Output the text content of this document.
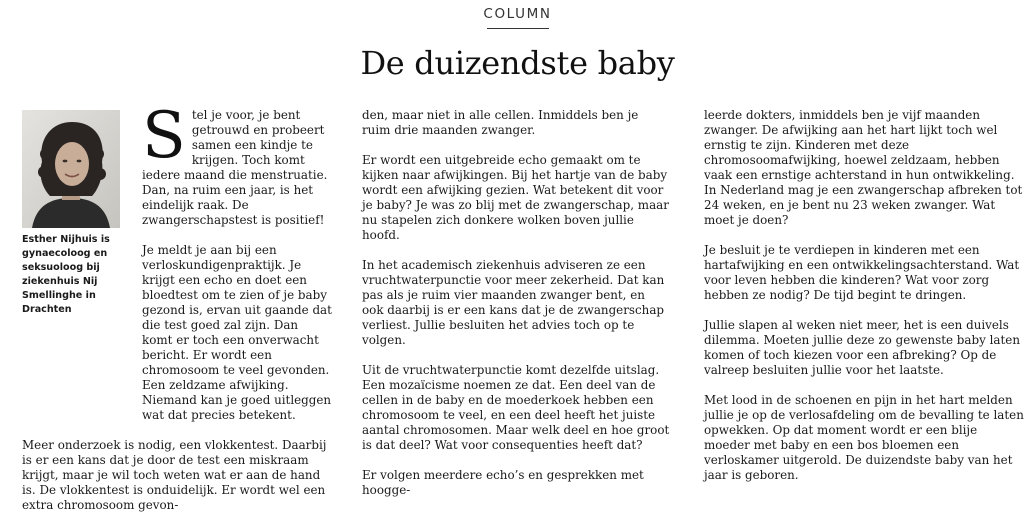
COLUMN
De duizendste baby
Esther Nijhuis is gynaecoloog en seksuoloog bij ziekenhuis Nij Smellinghe in Drachten

S tel je voor, je bent getrouwd en probeert samen een kindje te krijgen. Toch komt iedere maand die menstruatie. Dan, na ruim een jaar, is het eindelijk raak. De zwangerschapstest is positief!

Je meldt je aan bij een verloskundigenpraktijk. Je krijgt een echo en doet een bloedtest om te zien of je baby gezond is, ervan uit gaande dat die test goed zal zijn. Dan komt er toch een onverwacht bericht. Er wordt een chromosoom te veel gevonden. Een zeldzame afwijking. Niemand kan je goed uitleggen wat dat precies betekent.

Meer onderzoek is nodig, een vlokkentest. Daarbij is er een kans dat je door de test een miskraam krijgt, maar je wil toch weten wat er aan de hand is. De vlokkentest is onduidelijk. Er wordt wel een extra chromosoom gevon-

den, maar niet in alle cellen. Inmiddels ben je ruim drie maanden zwanger.

Er wordt een uitgebreide echo gemaakt om te kijken naar afwijkingen. Bij het hartje van de baby wordt een afwijking gezien. Wat betekent dit voor je baby? Je was zo blij met de zwangerschap, maar nu stapelen zich donkere wolken boven jullie hoofd.

In het academisch ziekenhuis adviseren ze een vruchtwaterpunctie voor meer zekerheid. Dat kan pas als je ruim vier maanden zwanger bent, en ook daarbij is er een kans dat je de zwangerschap verliest. Jullie besluiten het advies toch op te volgen.

Uit de vruchtwaterpunctie komt dezelfde uitslag. Een mozaïcisme noemen ze dat. Een deel van de cellen in de baby en de moederkoek hebben een chromosoom te veel, en een deel heeft het juiste aantal chromosomen. Maar welk deel en hoe groot is dat deel? Wat voor consequenties heeft dat?

Er volgen meerdere echo’s en gesprekken met hoogge-

leerde dokters, inmiddels ben je vijf maanden zwanger. De afwijking aan het hart lijkt toch wel ernstig te zijn. Kinderen met deze chromosoomafwijking, hoewel zeldzaam, hebben vaak een ernstige achterstand in hun ontwikkeling. In Nederland mag je een zwangerschap afbreken tot 24 weken, en je bent nu 23 weken zwanger. Wat moet je doen?

Je besluit je te verdiepen in kinderen met een hartafwijking en een ontwikkelingsachterstand. Wat voor leven hebben die kinderen? Wat voor zorg hebben ze nodig? De tijd begint te dringen.

Jullie slapen al weken niet meer, het is een duivels dilemma. Moeten jullie deze zo gewenste baby laten komen of toch kiezen voor een afbreking? Op de valreep besluiten jullie voor het laatste.

Met lood in de schoenen en pijn in het hart melden jullie je op de verlosafdeling om de bevalling te laten opwekken. Op dat moment wordt er een blije moeder met baby en een bos bloemen een verloskamer uitgerold. De duizendste baby van het jaar is geboren.
